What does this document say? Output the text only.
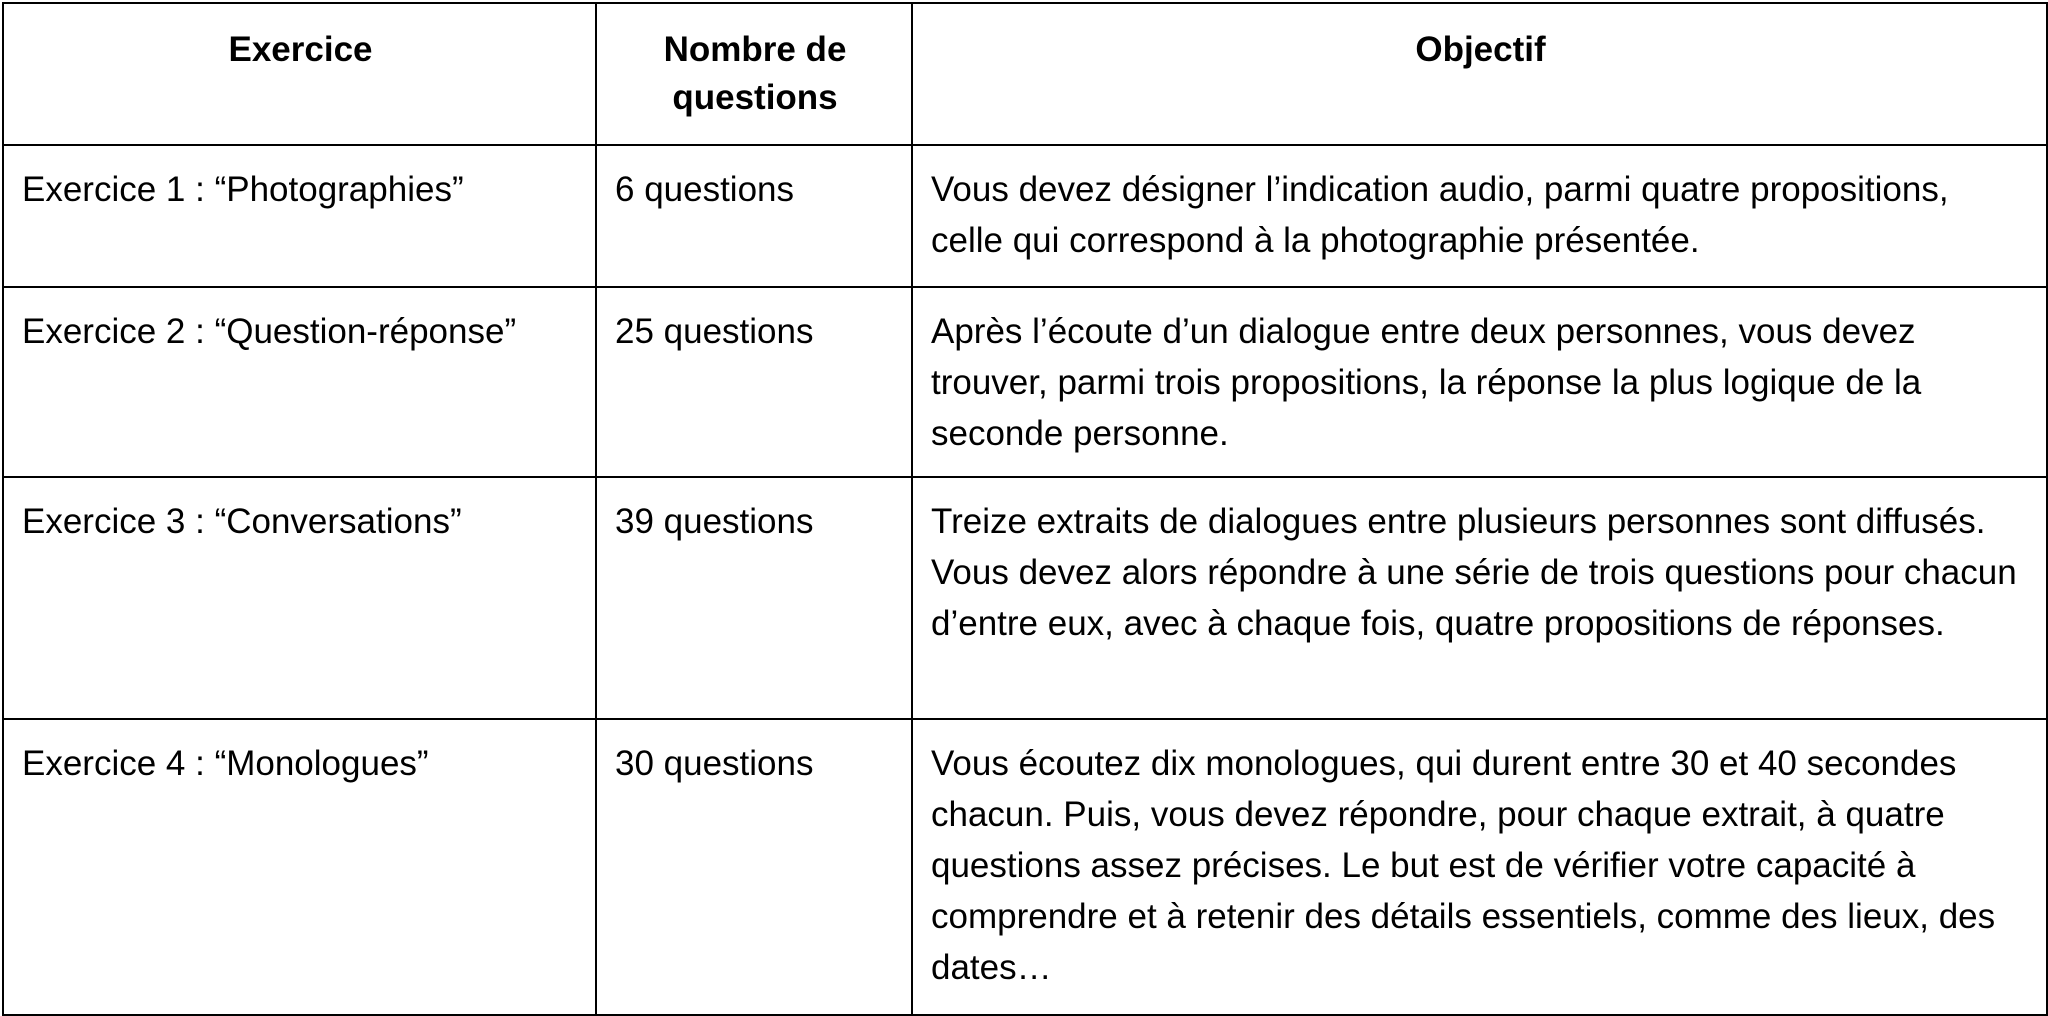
Exercice	Nombre de questions	Objectif
Exercice 1 : “Photographies”	6 questions	Vous devez désigner l’indication audio, parmi quatre propositions, celle qui correspond à la photographie présentée.
Exercice 2 : “Question-réponse”	25 questions	Après l’écoute d’un dialogue entre deux personnes, vous devez trouver, parmi trois propositions, la réponse la plus logique de la seconde personne.
Exercice 3 : “Conversations”	39 questions	Treize extraits de dialogues entre plusieurs personnes sont diffusés. Vous devez alors répondre à une série de trois questions pour chacun d’entre eux, avec à chaque fois, quatre propositions de réponses.
Exercice 4 : “Monologues”	30 questions	Vous écoutez dix monologues, qui durent entre 30 et 40 secondes chacun. Puis, vous devez répondre, pour chaque extrait, à quatre questions assez précises. Le but est de vérifier votre capacité à comprendre et à retenir des détails essentiels, comme des lieux, des dates…
